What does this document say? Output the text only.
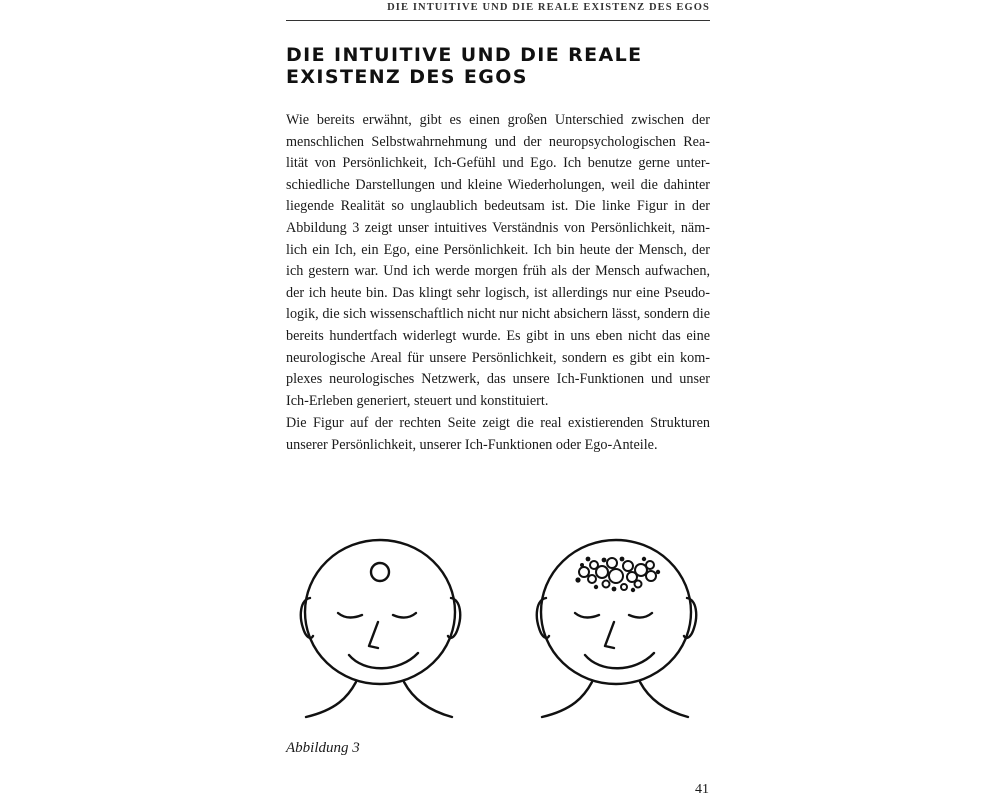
DIE INTUITIVE UND DIE REALE EXISTENZ DES EGOS
DIE INTUITIVE UND DIE REALE
EXISTENZ DES EGOS

Wie bereits erwähnt, gibt es einen großen Unterschied zwischen der
menschlichen Selbstwahrnehmung und der neuropsychologischen Rea-
lität von Persönlichkeit, Ich-Gefühl und Ego. Ich benutze gerne unter-
schiedliche Darstellungen und kleine Wiederholungen, weil die dahinter
liegende Realität so unglaublich bedeutsam ist. Die linke Figur in der
Abbildung 3 zeigt unser intuitives Verständnis von Persönlichkeit, näm-
lich ein Ich, ein Ego, eine Persönlichkeit. Ich bin heute der Mensch, der
ich gestern war. Und ich werde morgen früh als der Mensch aufwachen,
der ich heute bin. Das klingt sehr logisch, ist allerdings nur eine Pseudo-
logik, die sich wissenschaftlich nicht nur nicht absichern lässt, sondern die
bereits hundertfach widerlegt wurde. Es gibt in uns eben nicht das eine
neurologische Areal für unsere Persönlichkeit, sondern es gibt ein kom-
plexes neurologisches Netzwerk, das unsere Ich-Funktionen und unser
Ich-Erleben generiert, steuert und konstituiert.

Die Figur auf der rechten Seite zeigt die real existierenden Strukturen
unserer Persönlichkeit, unserer Ich-Funktionen oder Ego-Anteile.

Abbildung 3
41
